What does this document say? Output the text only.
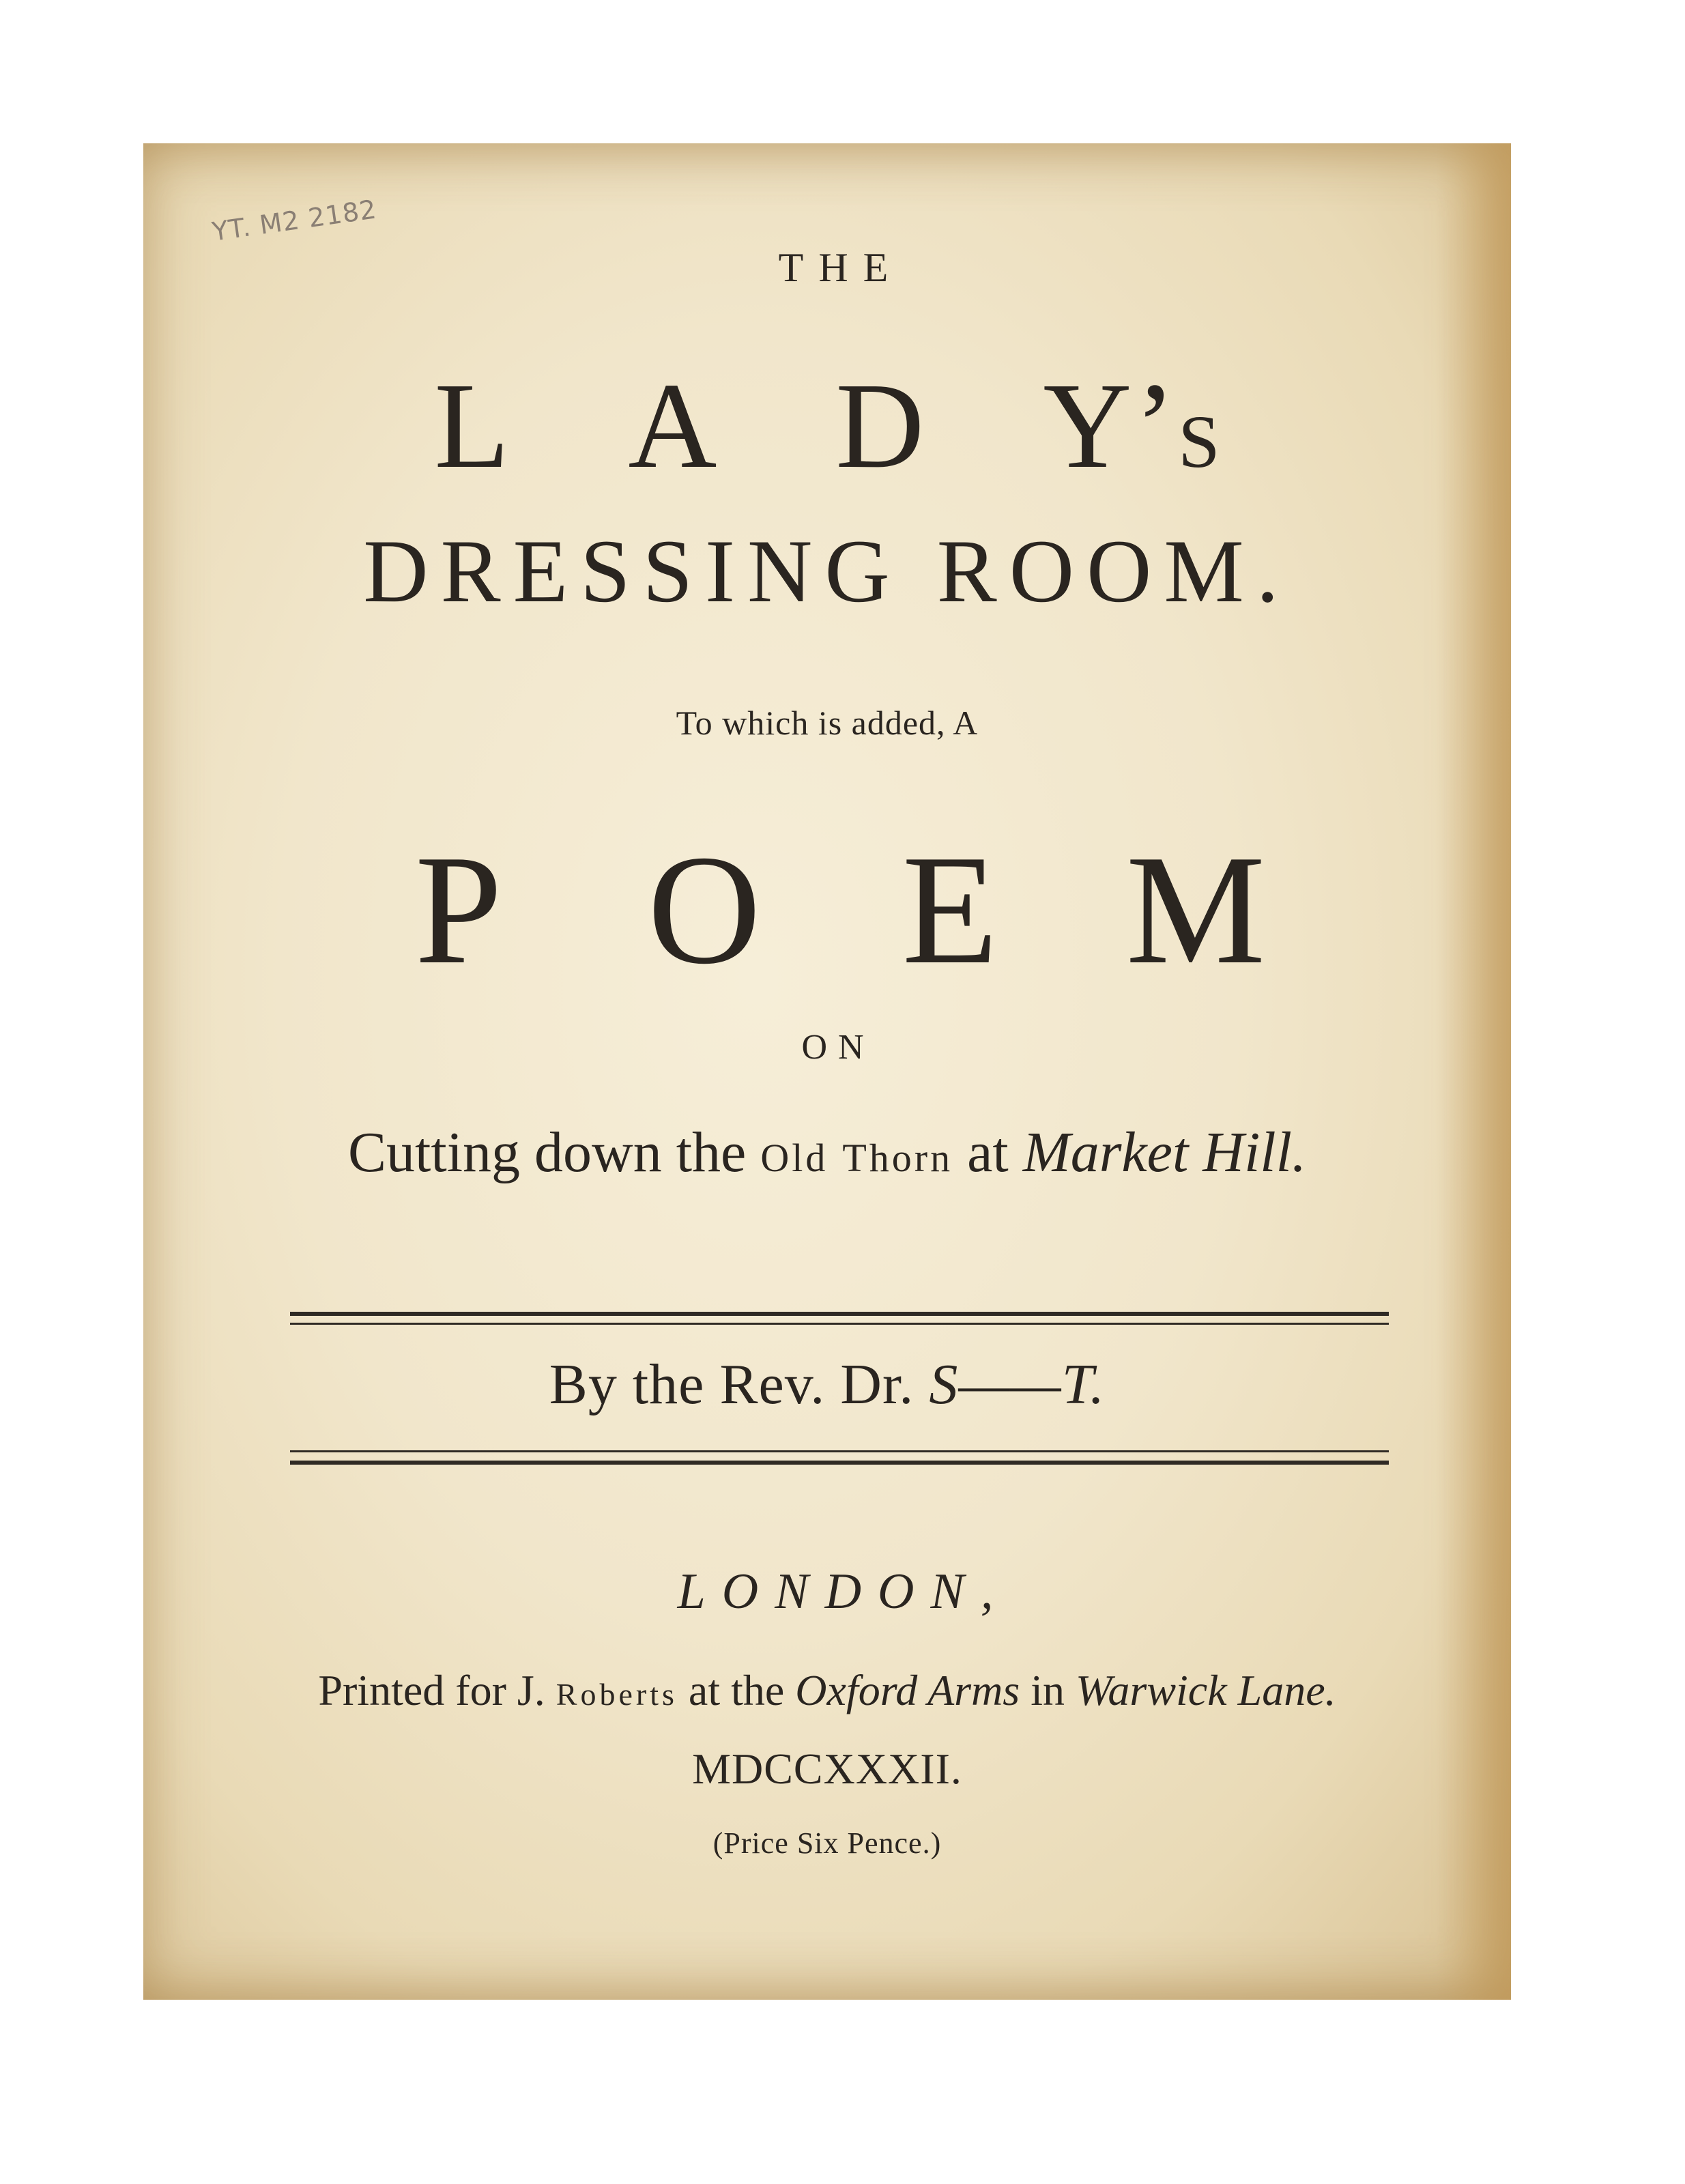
YT. M2 2182
THE
L A D Y’S
DRESSING ROOM.
To which is added, A
P O E M
ON
Cutting down the Old Thorn at Market Hill.
By the Rev. Dr. S——T.
LONDON,
Printed for J. Roberts at the Oxford Arms in Warwick Lane.
MDCCXXXII.
(Price Six Pence.)
